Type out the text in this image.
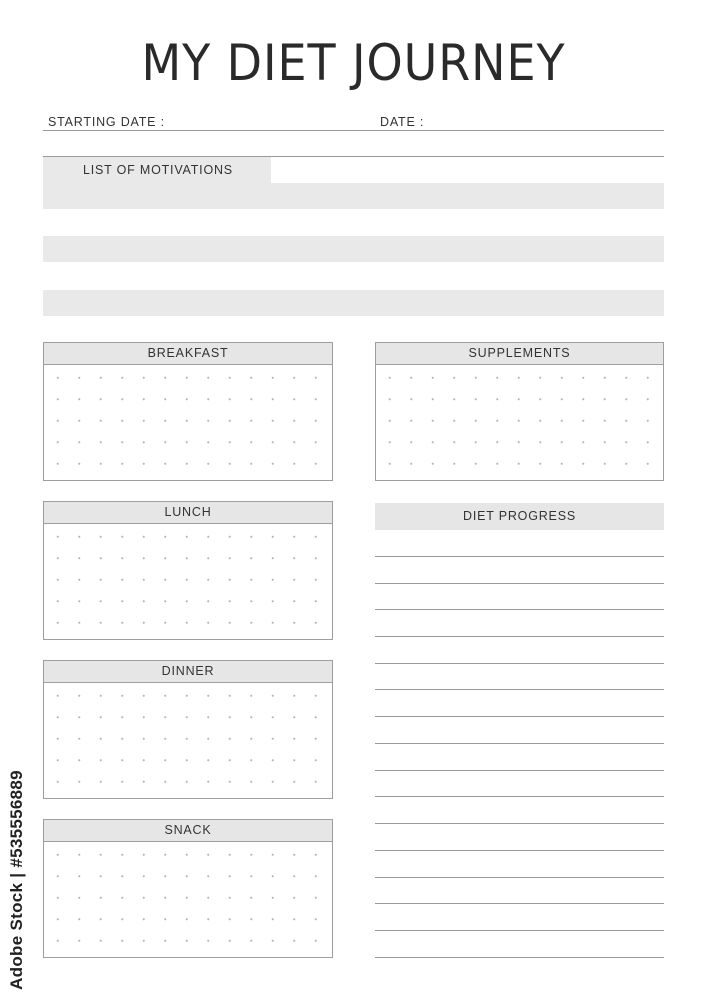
MY DIET JOURNEY
STARTING DATE :	DATE :
LIST OF MOTIVATIONS
BREAKFAST
LUNCH
DINNER
SNACK
SUPPLEMENTS
DIET PROGRESS
Adobe Stock | #535556889
